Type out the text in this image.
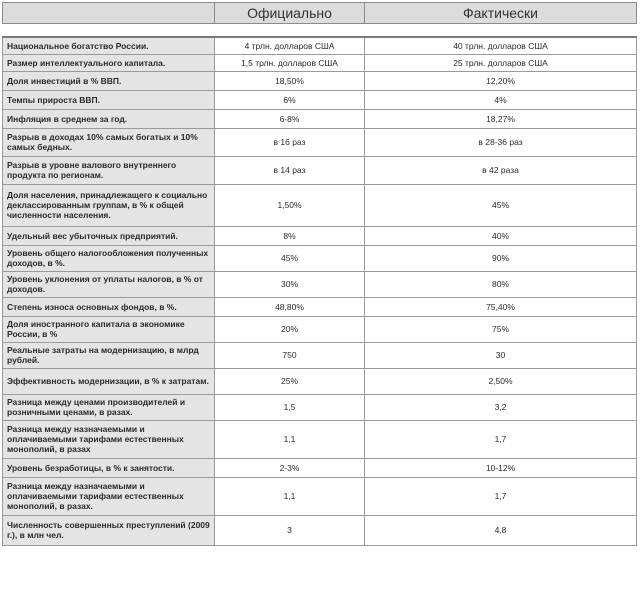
	Официально	Фактически

Национальное богатство России.	4 трлн. долларов США	40 трлн. долларов США
Размер интеллектуального капитала.	1,5 трлн. долларов США	25 трлн. долларов США
Доля инвестиций в % ВВП.	18,50%	12,20%
Темпы прироста ВВП.	6%	4%
Инфляция в среднем за год.	6-8%	18,27%
Разрыв в доходах 10% самых богатых и 10% самых бедных.	в 16 раз	в 28-36 раз
Разрыв в уровне валового внутреннего продукта по регионам.	в 14 раз	в 42 раза
Доля населения, принадлежащего к социально деклассированным группам, в % к общей численности населения.	1,50%	45%
Удельный вес убыточных предприятий.	8%	40%
Уровень общего налогообложения полученных доходов, в %.	45%	90%
Уровень уклонения от уплаты налогов, в % от доходов.	30%	80%
Степень износа основных фондов, в %.	48,80%	75,40%
Доля иностранного капитала в экономике России, в %	20%	75%
Реальные затраты на модернизацию, в млрд рублей.	750	30
Эффективность модернизации, в % к затратам.	25%	2,50%
Разница между ценами производителей и розничными ценами, в разах.	1,5	3,2
Разница между назначаемыми и оплачиваемыми тарифами естественных монополий, в разах	1,1	1,7
Уровень безработицы, в % к занятости.	2-3%	10-12%
Разница между назначаемыми и оплачиваемыми тарифами естественных монополий, в разах.	1,1	1,7
Численность совершенных преступлений (2009 г.), в млн чел.	3	4,8
